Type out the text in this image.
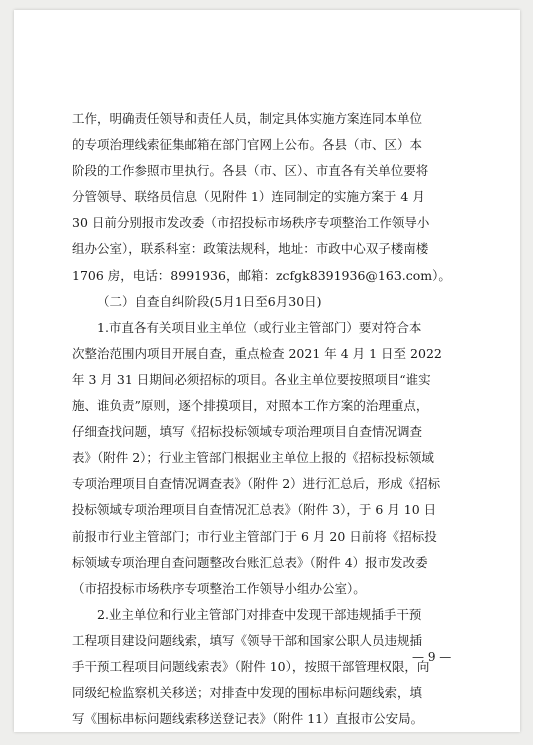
工作，明确责任领导和责任人员，制定具体实施方案连同本单位
的专项治理线索征集邮箱在部门官网上公布。各县（市、区）本
阶段的工作参照市里执行。各县（市、区）、市直各有关单位要将
分管领导、联络员信息（见附件 1）连同制定的实施方案于 4 月
30 日前分别报市发改委（市招投标市场秩序专项整治工作领导小
组办公室），联系科室：政策法规科，地址：市政中心双子楼南楼
1706 房，电话：8991936，邮箱：zcfgk8391936@163.com）。
（二）自查自纠阶段(5月1日至6月30日)
1.市直各有关项目业主单位（或行业主管部门）要对符合本
次整治范围内项目开展自查，重点检查 2021 年 4 月 1 日至 2022
年 3 月 31 日期间必须招标的项目。各业主单位要按照项目“谁实
施、谁负责”原则，逐个排摸项目，对照本工作方案的治理重点，
仔细查找问题，填写《招标投标领域专项治理项目自查情况调查
表》（附件 2）；行业主管部门根据业主单位上报的《招标投标领域
专项治理项目自查情况调查表》（附件 2）进行汇总后，形成《招标
投标领域专项治理项目自查情况汇总表》（附件 3），于 6 月 10 日
前报市行业主管部门；市行业主管部门于 6 月 20 日前将《招标投
标领域专项治理自查问题整改台账汇总表》（附件 4）报市发改委
（市招投标市场秩序专项整治工作领导小组办公室）。
2.业主单位和行业主管部门对排查中发现干部违规插手干预
工程项目建设问题线索，填写《领导干部和国家公职人员违规插
手干预工程项目问题线索表》（附件 10），按照干部管理权限，向
同级纪检监察机关移送；对排查中发现的围标串标问题线索，填
写《围标串标问题线索移送登记表》（附件 11）直报市公安局。
— 9 —
